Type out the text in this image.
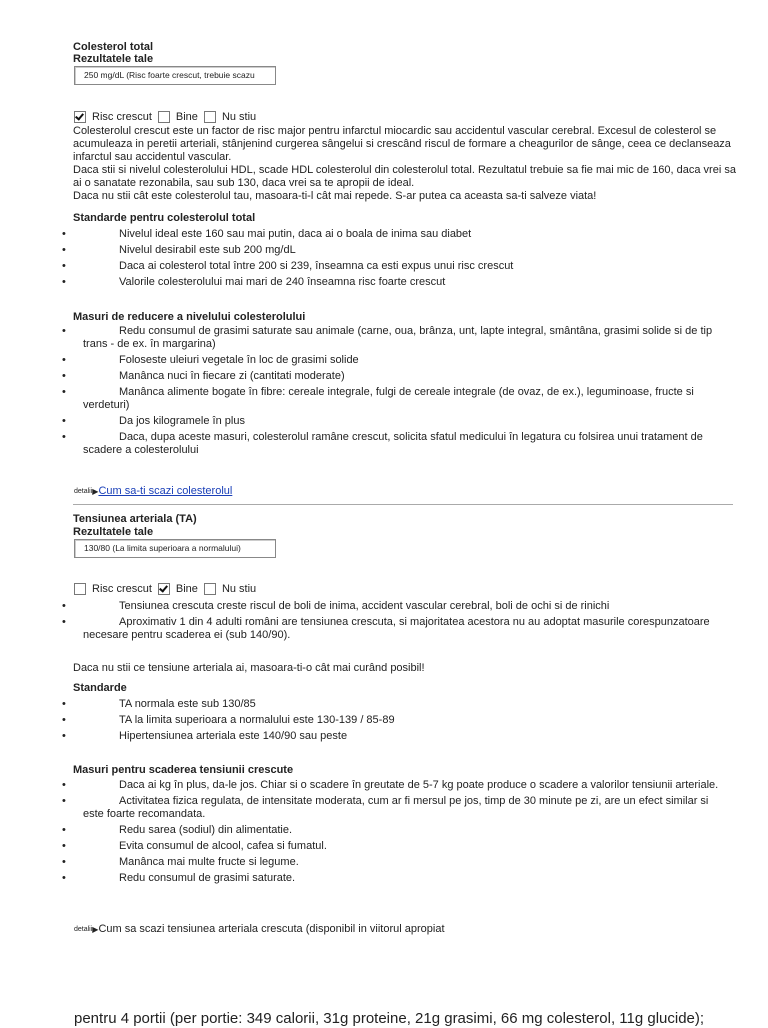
Colesterol total
Rezultatele tale
250 mg/dL (Risc foarte crescut, trebuie scazu
Risc crescut Bine Nu stiu

Colesterolul crescut este un factor de risc major pentru infarctul miocardic sau accidentul vascular cerebral. Excesul de colesterol se acumuleaza in peretii arteriali, stânjenind curgerea sângelui si crescând riscul de formare a cheagurilor de sânge, ceea ce declanseaza infarctul sau accidentul vascular.

Daca stii si nivelul colesterolului HDL, scade HDL colesterolul din colesterolul total. Rezultatul trebuie sa fie mai mic de 160, daca vrei sa ai o sanatate rezonabila, sau sub 130, daca vrei sa te apropii de ideal.

Daca nu stii cât este colesterolul tau, masoara-ti-l cât mai repede. S-ar putea ca aceasta sa-ti salveze viata!

Standarde pentru colesterolul total
•	Nivelul ideal este 160 sau mai putin, daca ai o boala de inima sau diabet
•	Nivelul desirabil este sub 200 mg/dL
•	Daca ai colesterol total între 200 si 239, înseamna ca esti expus unui risc crescut
•	Valorile colesterolului mai mari de 240 înseamna risc foarte crescut
Masuri de reducere a nivelului colesterolului
•	Redu consumul de grasimi saturate sau animale (carne, oua, brânza, unt, lapte integral, smântâna, grasimi solide si de tip trans - de ex. în margarina)
•	Foloseste uleiuri vegetale în loc de grasimi solide
•	Manânca nuci în fiecare zi (cantitati moderate)
•	Manânca alimente bogate în fibre: cereale integrale, fulgi de cereale integrale (de ovaz, de ex.), leguminoase, fructe si verdeturi)
•	Da jos kilogramele în plus
•	Daca, dupa aceste masuri, colesterolul ramâne crescut, solicita sfatul medicului în legatura cu folsirea unui tratament de scadere a colesterolului
detalii▶Cum sa-ti scazi colesterolul
Tensiunea arteriala (TA)
Rezultatele tale
130/80 (La limita superioara a normalului)
Risc crescut Bine Nu stiu
•	Tensiunea crescuta creste riscul de boli de inima, accident vascular cerebral, boli de ochi si de rinichi
•	Aproximativ 1 din 4 adulti români are tensiunea crescuta, si majoritatea acestora nu au adoptat masurile corespunzatoare necesare pentru scaderea ei (sub 140/90).
Daca nu stii ce tensiune arteriala ai, masoara-ti-o cât mai curând posibil!
Standarde
•	TA normala este sub 130/85
•	TA la limita superioara a normalului este 130-139 / 85-89
•	Hipertensiunea arteriala este 140/90 sau peste
Masuri pentru scaderea tensiunii crescute
•	Daca ai kg în plus, da-le jos. Chiar si o scadere în greutate de 5-7 kg poate produce o scadere a valorilor tensiunii arteriale.
•	Activitatea fizica regulata, de intensitate moderata, cum ar fi mersul pe jos, timp de 30 minute pe zi, are un efect similar si este foarte recomandata.
•	Redu sarea (sodiul) din alimentatie.
•	Evita consumul de alcool, cafea si fumatul.
•	Manânca mai multe fructe si legume.
•	Redu consumul de grasimi saturate.
detalii▶Cum sa scazi tensiunea arteriala crescuta (disponibil in viitorul apropiat
pentru 4 portii (per portie: 349 calorii, 31g proteine, 21g grasimi, 66 mg colesterol, 11g glucide);
